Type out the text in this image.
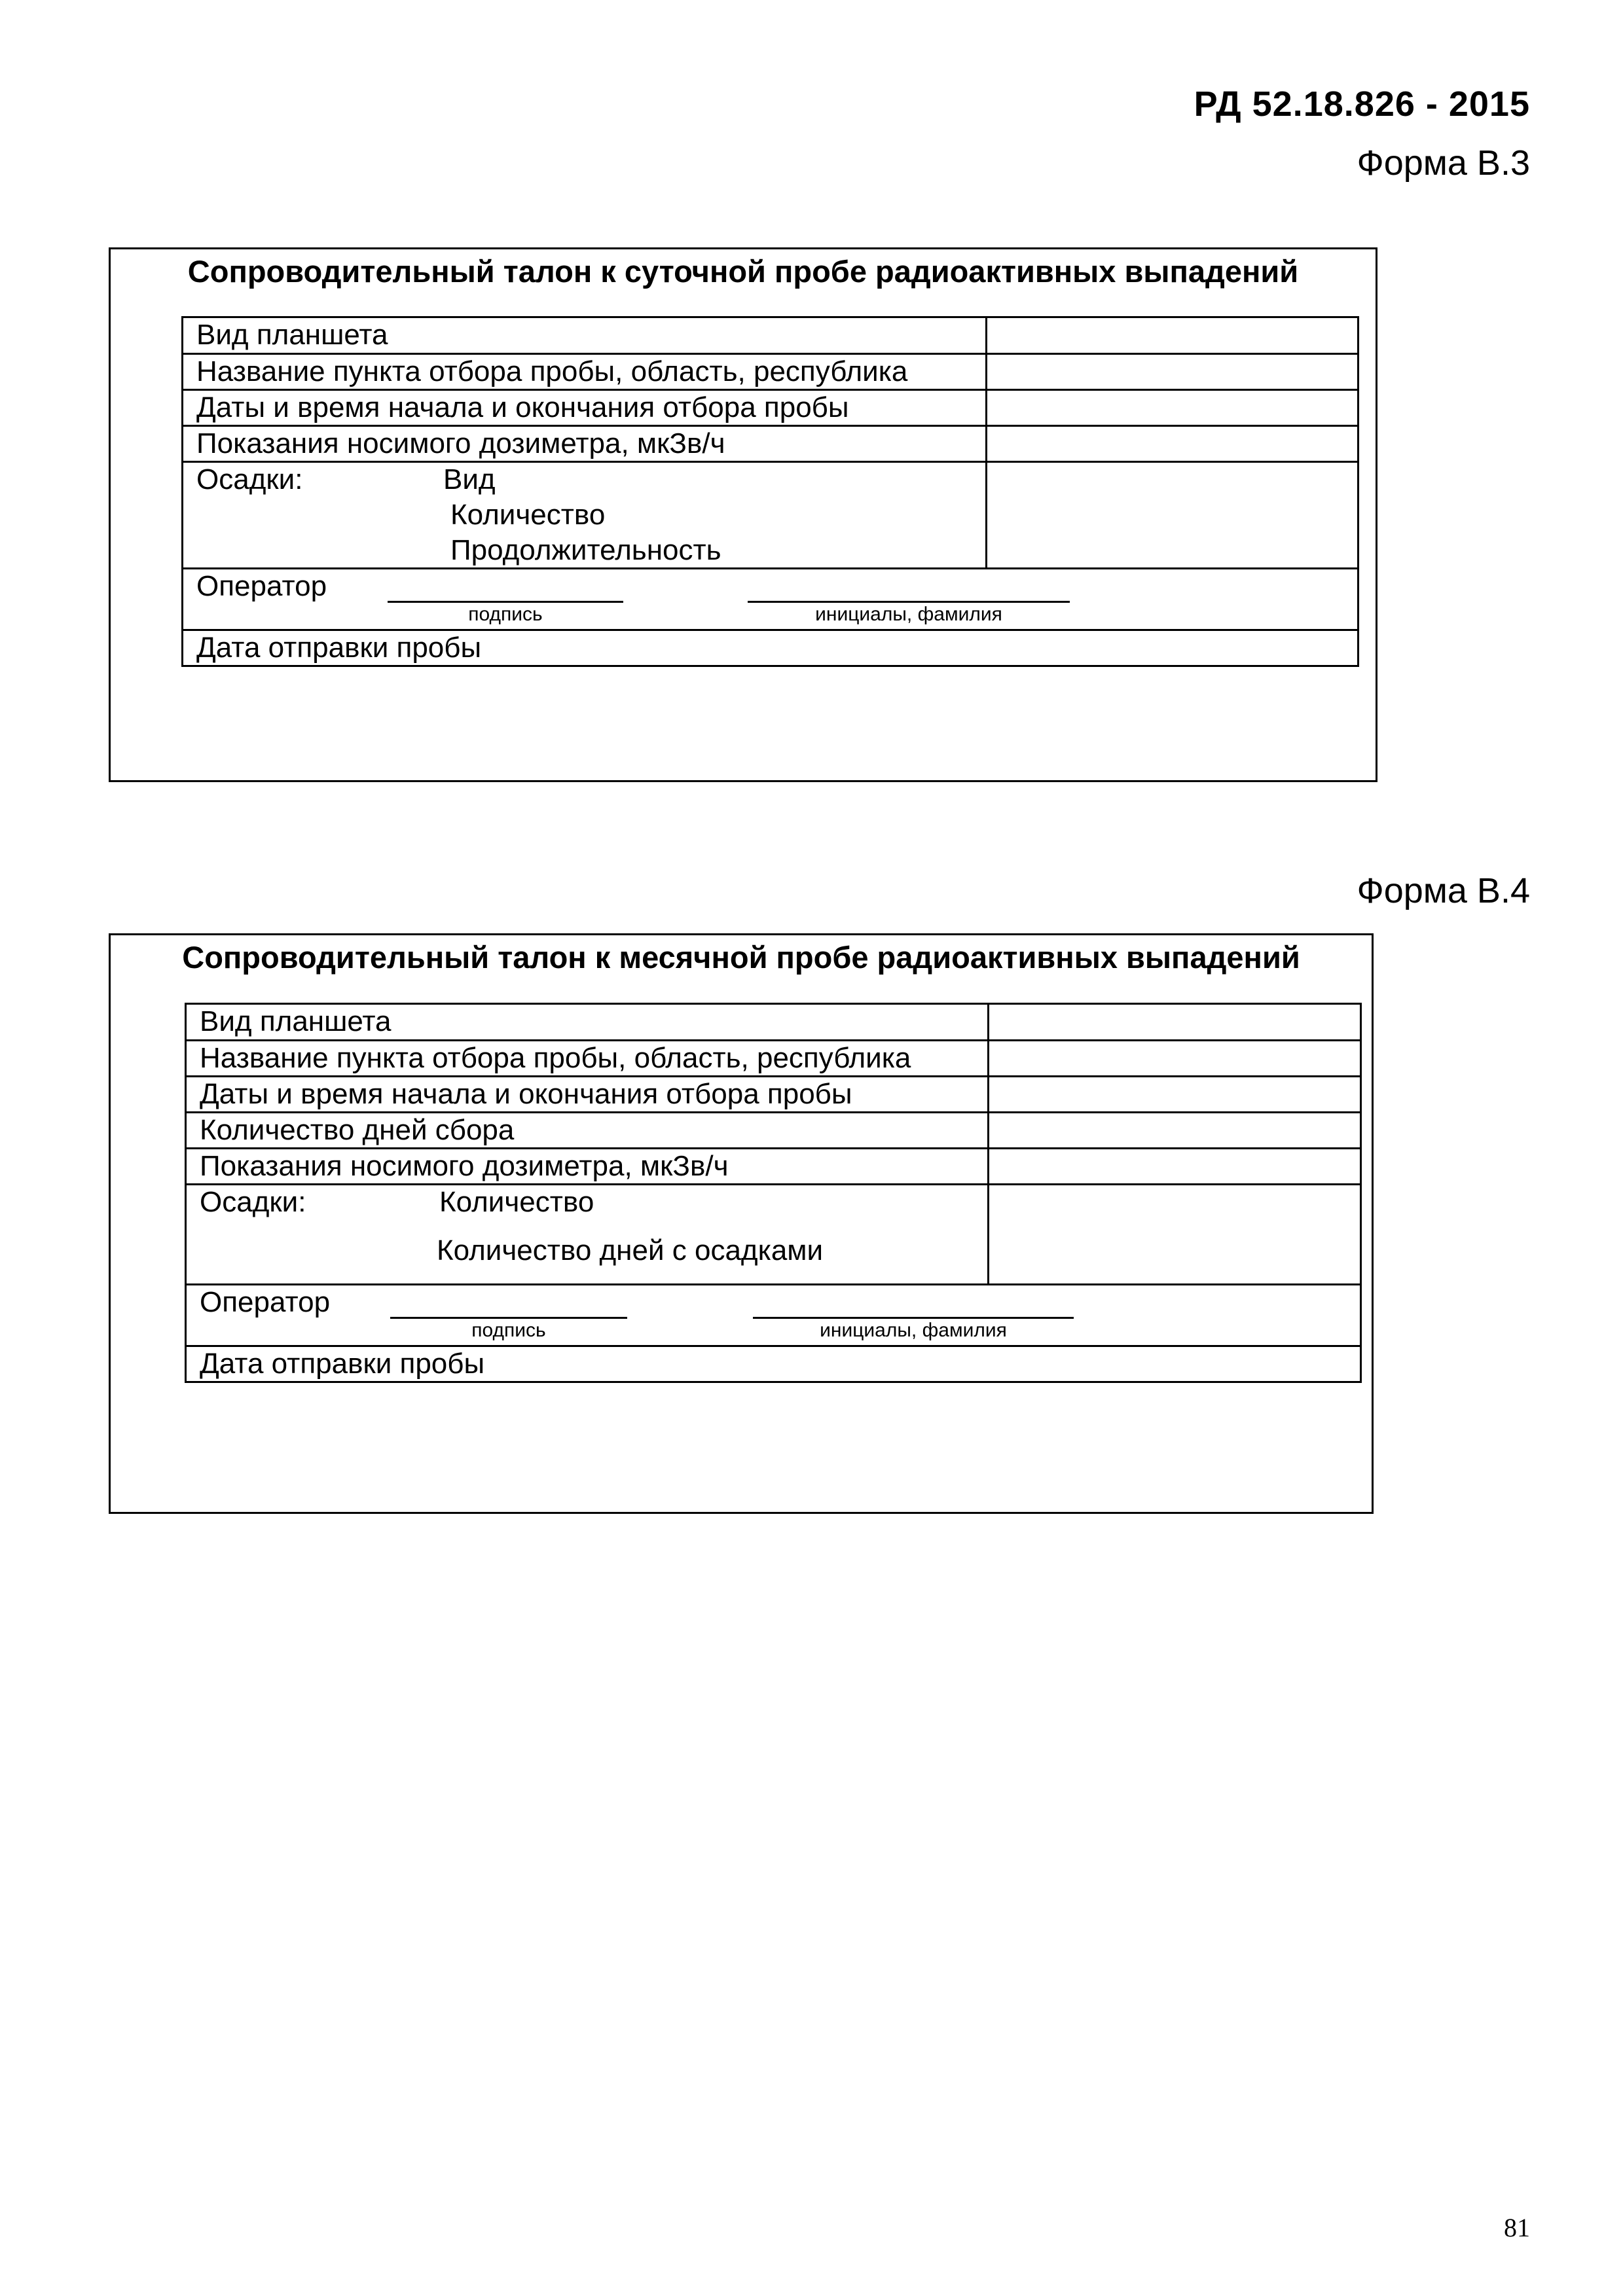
РД 52.18.826 - 2015
Форма В.3
Сопроводительный талон к суточной пробе радиоактивных выпадений
Вид планшета	
Название пункта отбора пробы, область, республика	
Даты и время начала и окончания отбора пробы	
Показания носимого дозиметра, мкЗв/ч	

Осадки: Вид
Количество
Продолжительность	

Оператор
подпись инициалы, фамилия	

Дата отправки пробы	
Форма В.4
Сопроводительный талон к месячной пробе радиоактивных выпадений
Вид планшета	
Название пункта отбора пробы, область, республика	
Даты и время начала и окончания отбора пробы	
Количество дней сбора	
Показания носимого дозиметра, мкЗв/ч	

Осадки: Количество
Количество дней с осадками	

Оператор
подпись инициалы, фамилия	

Дата отправки пробы	
81
